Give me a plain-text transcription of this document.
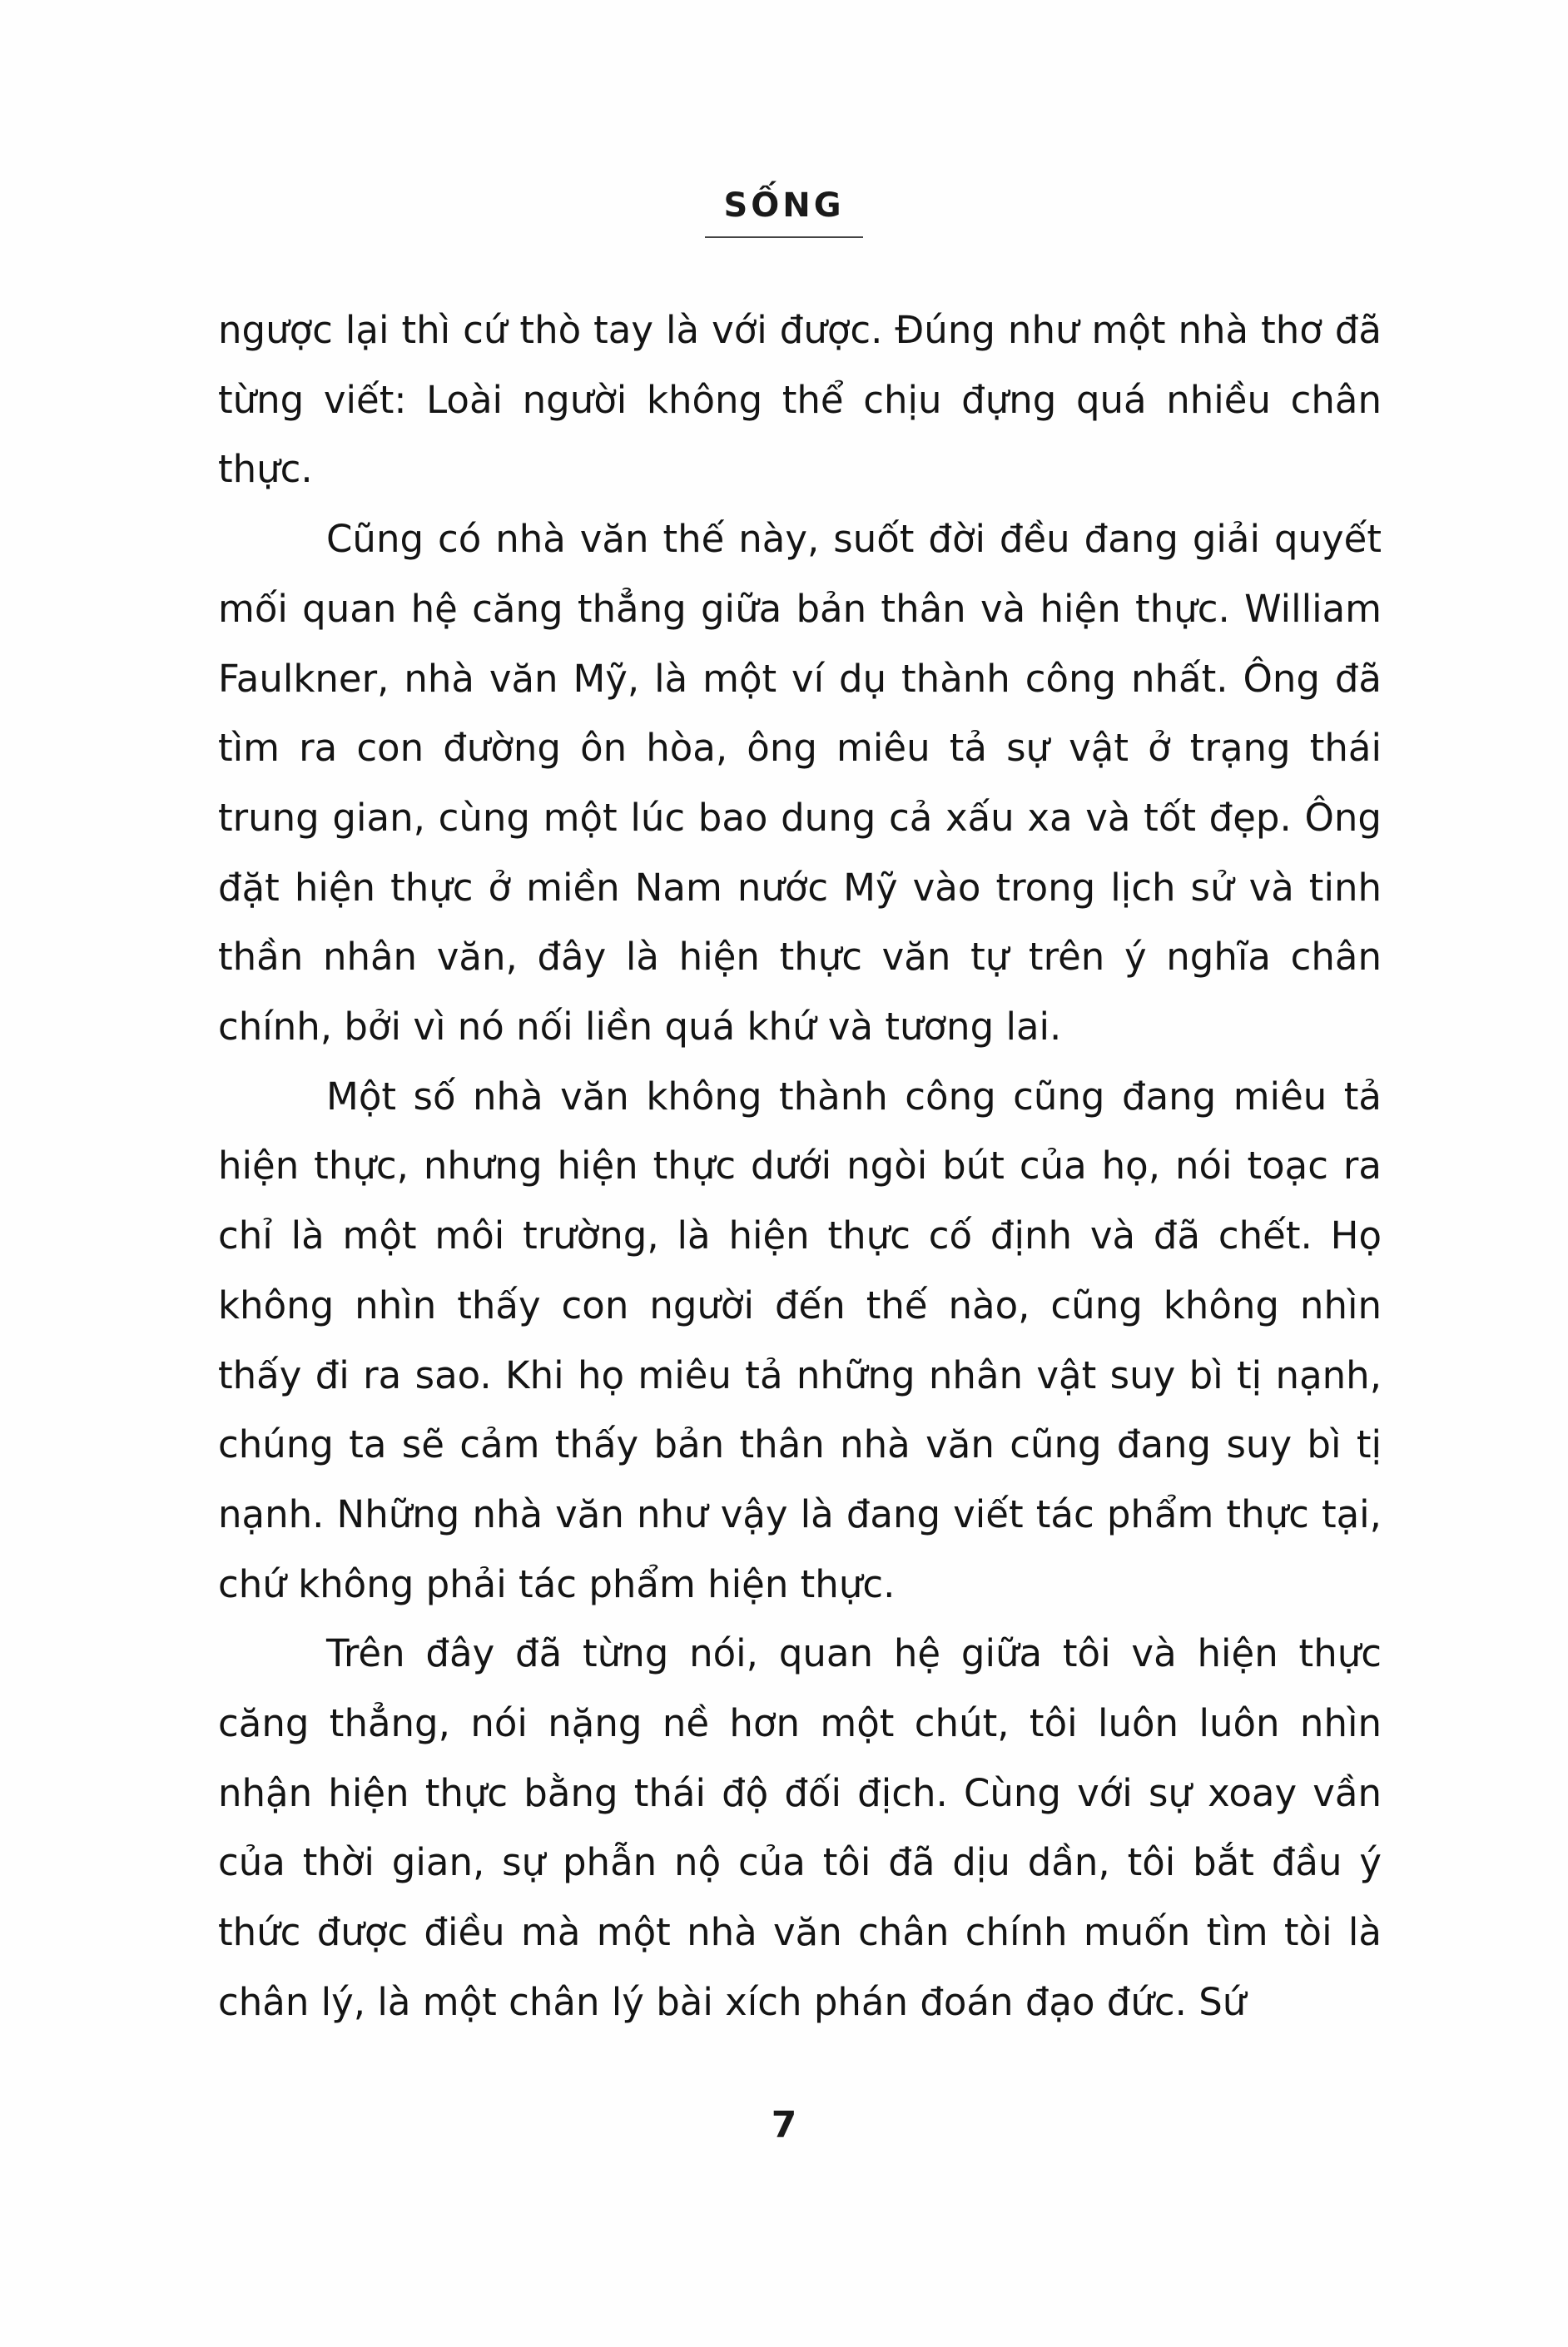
SỐNG

ngược lại thì cứ thò tay là với được. Đúng như một nhà thơ đã từng viết: Loài người không thể chịu đựng quá nhiều chân thực.

Cũng có nhà văn thế này, suốt đời đều đang giải quyết mối quan hệ căng thẳng giữa bản thân và hiện thực. William Faulkner, nhà văn Mỹ, là một ví dụ thành công nhất. Ông đã tìm ra con đường ôn hòa, ông miêu tả sự vật ở trạng thái trung gian, cùng một lúc bao dung cả xấu xa và tốt đẹp. Ông đặt hiện thực ở miền Nam nước Mỹ vào trong lịch sử và tinh thần nhân văn, đây là hiện thực văn tự trên ý nghĩa chân chính, bởi vì nó nối liền quá khứ và tương lai.

Một số nhà văn không thành công cũng đang miêu tả hiện thực, nhưng hiện thực dưới ngòi bút của họ, nói toạc ra chỉ là một môi trường, là hiện thực cố định và đã chết. Họ không nhìn thấy con người đến thế nào, cũng không nhìn thấy đi ra sao. Khi họ miêu tả những nhân vật suy bì tị nạnh, chúng ta sẽ cảm thấy bản thân nhà văn cũng đang suy bì tị nạnh. Những nhà văn như vậy là đang viết tác phẩm thực tại, chứ không phải tác phẩm hiện thực.

Trên đây đã từng nói, quan hệ giữa tôi và hiện thực căng thẳng, nói nặng nề hơn một chút, tôi luôn luôn nhìn nhận hiện thực bằng thái độ đối địch. Cùng với sự xoay vần của thời gian, sự phẫn nộ của tôi đã dịu dần, tôi bắt đầu ý thức được điều mà một nhà văn chân chính muốn tìm tòi là chân lý, là một chân lý bài xích phán đoán đạo đức. Sứ

7
